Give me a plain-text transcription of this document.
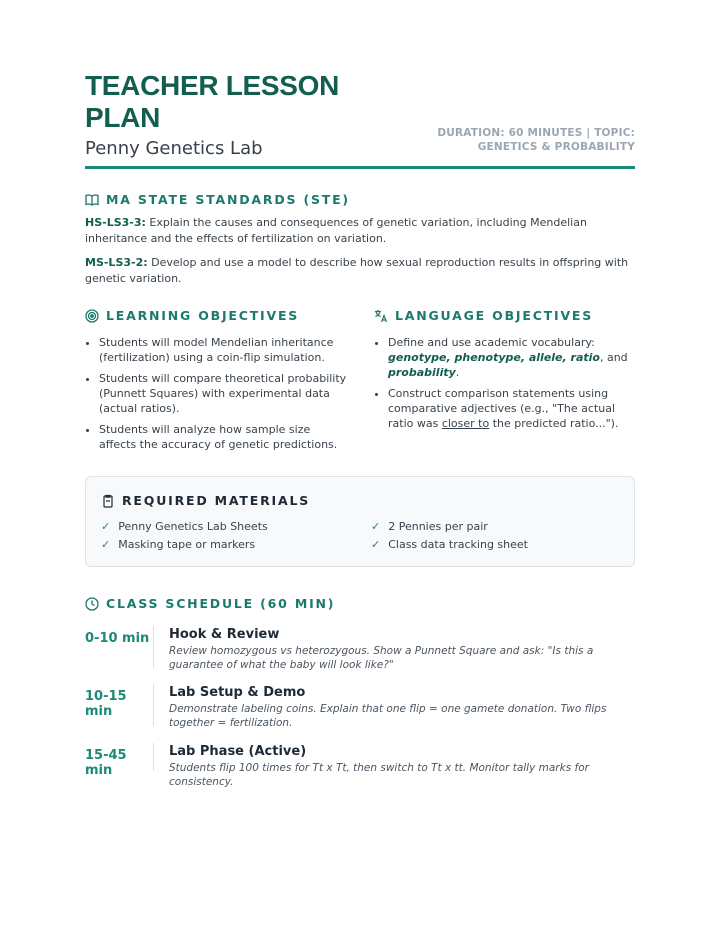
TEACHER LESSON PLAN
Penny Genetics Lab
DURATION: 60 MINUTES | TOPIC: GENETICS & PROBABILITY
MA STATE STANDARDS (STE)
HS-LS3-3: Explain the causes and consequences of genetic variation, including Mendelian inheritance and the effects of fertilization on variation.
MS-LS3-2: Develop and use a model to describe how sexual reproduction results in offspring with genetic variation.
LEARNING OBJECTIVES
• Students will model Mendelian inheritance (fertilization) using a coin-flip simulation.
• Students will compare theoretical probability (Punnett Squares) with experimental data (actual ratios).
• Students will analyze how sample size affects the accuracy of genetic predictions.
LANGUAGE OBJECTIVES
• Define and use academic vocabulary: genotype, phenotype, allele, ratio, and probability.
• Construct comparison statements using comparative adjectives (e.g., "The actual ratio was closer to the predicted ratio...").
REQUIRED MATERIALS
✓ Penny Genetics Lab Sheets	✓ 2 Pennies per pair
✓ Masking tape or markers	✓ Class data tracking sheet
CLASS SCHEDULE (60 MIN)
0-10 min Hook & Review
Review homozygous vs heterozygous. Show a Punnett Square and ask: "Is this a guarantee of what the baby will look like?"
10-15 min
Lab Setup & Demo
Demonstrate labeling coins. Explain that one flip = one gamete donation. Two flips together = fertilization.
15-45 min
Lab Phase (Active)
Students flip 100 times for Tt x Tt, then switch to Tt x tt. Monitor tally marks for consistency.
